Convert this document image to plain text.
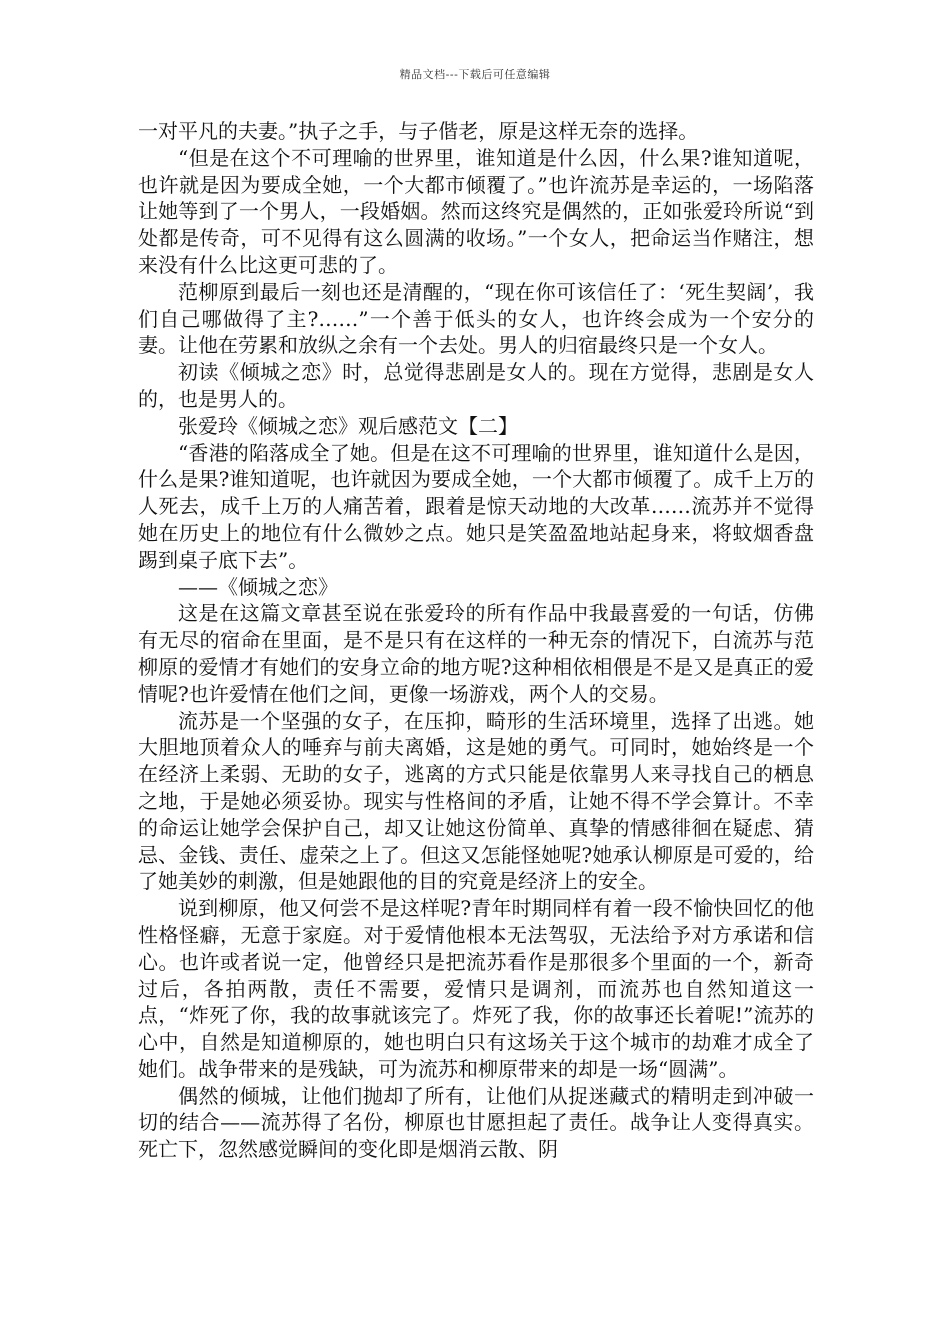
精品文档---下载后可任意编辑

一对平凡的夫妻。”执子之手，与子偕老，原是这样无奈的选择。

“但是在这个不可理喻的世界里，谁知道是什么因，什么果?谁知道呢，也许就是因为要成全她，一个大都市倾覆了。”也许流苏是幸运的，一场陷落让她等到了一个男人，一段婚姻。然而这终究是偶然的，正如张爱玲所说“到处都是传奇，可不见得有这么圆满的收场。”一个女人，把命运当作赌注，想来没有什么比这更可悲的了。

范柳原到最后一刻也还是清醒的，“现在你可该信任了：‘死生契阔’，我们自己哪做得了主?……”一个善于低头的女人，也许终会成为一个安分的妻。让他在劳累和放纵之余有一个去处。男人的归宿最终只是一个女人。

初读《倾城之恋》时，总觉得悲剧是女人的。现在方觉得，悲剧是女人的，也是男人的。

张爱玲《倾城之恋》观后感范文【二】

“香港的陷落成全了她。但是在这不可理喻的世界里，谁知道什么是因，什么是果?谁知道呢，也许就因为要成全她，一个大都市倾覆了。成千上万的人死去，成千上万的人痛苦着，跟着是惊天动地的大改革……流苏并不觉得她在历史上的地位有什么微妙之点。她只是笑盈盈地站起身来，将蚊烟香盘踢到桌子底下去”。

——《倾城之恋》

这是在这篇文章甚至说在张爱玲的所有作品中我最喜爱的一句话，仿佛有无尽的宿命在里面，是不是只有在这样的一种无奈的情况下，白流苏与范柳原的爱情才有她们的安身立命的地方呢?这种相依相偎是不是又是真正的爱情呢?也许爱情在他们之间，更像一场游戏，两个人的交易。

流苏是一个坚强的女子，在压抑，畸形的生活环境里，选择了出逃。她大胆地顶着众人的唾弃与前夫离婚，这是她的勇气。可同时，她始终是一个在经济上柔弱、无助的女子，逃离的方式只能是依靠男人来寻找自己的栖息之地，于是她必须妥协。现实与性格间的矛盾，让她不得不学会算计。不幸的命运让她学会保护自己，却又让她这份简单、真挚的情感徘徊在疑虑、猜忌、金钱、责任、虚荣之上了。但这又怎能怪她呢?她承认柳原是可爱的，给了她美妙的刺激，但是她跟他的目的究竟是经济上的安全。

说到柳原，他又何尝不是这样呢?青年时期同样有着一段不愉快回忆的他性格怪癖，无意于家庭。对于爱情他根本无法驾驭，无法给予对方承诺和信心。也许或者说一定，他曾经只是把流苏看作是那很多个里面的一个，新奇过后，各拍两散，责任不需要，爱情只是调剂，而流苏也自然知道这一点，“炸死了你，我的故事就该完了。炸死了我，你的故事还长着呢!”流苏的心中，自然是知道柳原的，她也明白只有这场关于这个城市的劫难才成全了她们。战争带来的是残缺，可为流苏和柳原带来的却是一场“圆满”。

偶然的倾城，让他们抛却了所有，让他们从捉迷藏式的精明走到冲破一切的结合——流苏得了名份，柳原也甘愿担起了责任。战争让人变得真实。死亡下，忽然感觉瞬间的变化即是烟消云散、阴
